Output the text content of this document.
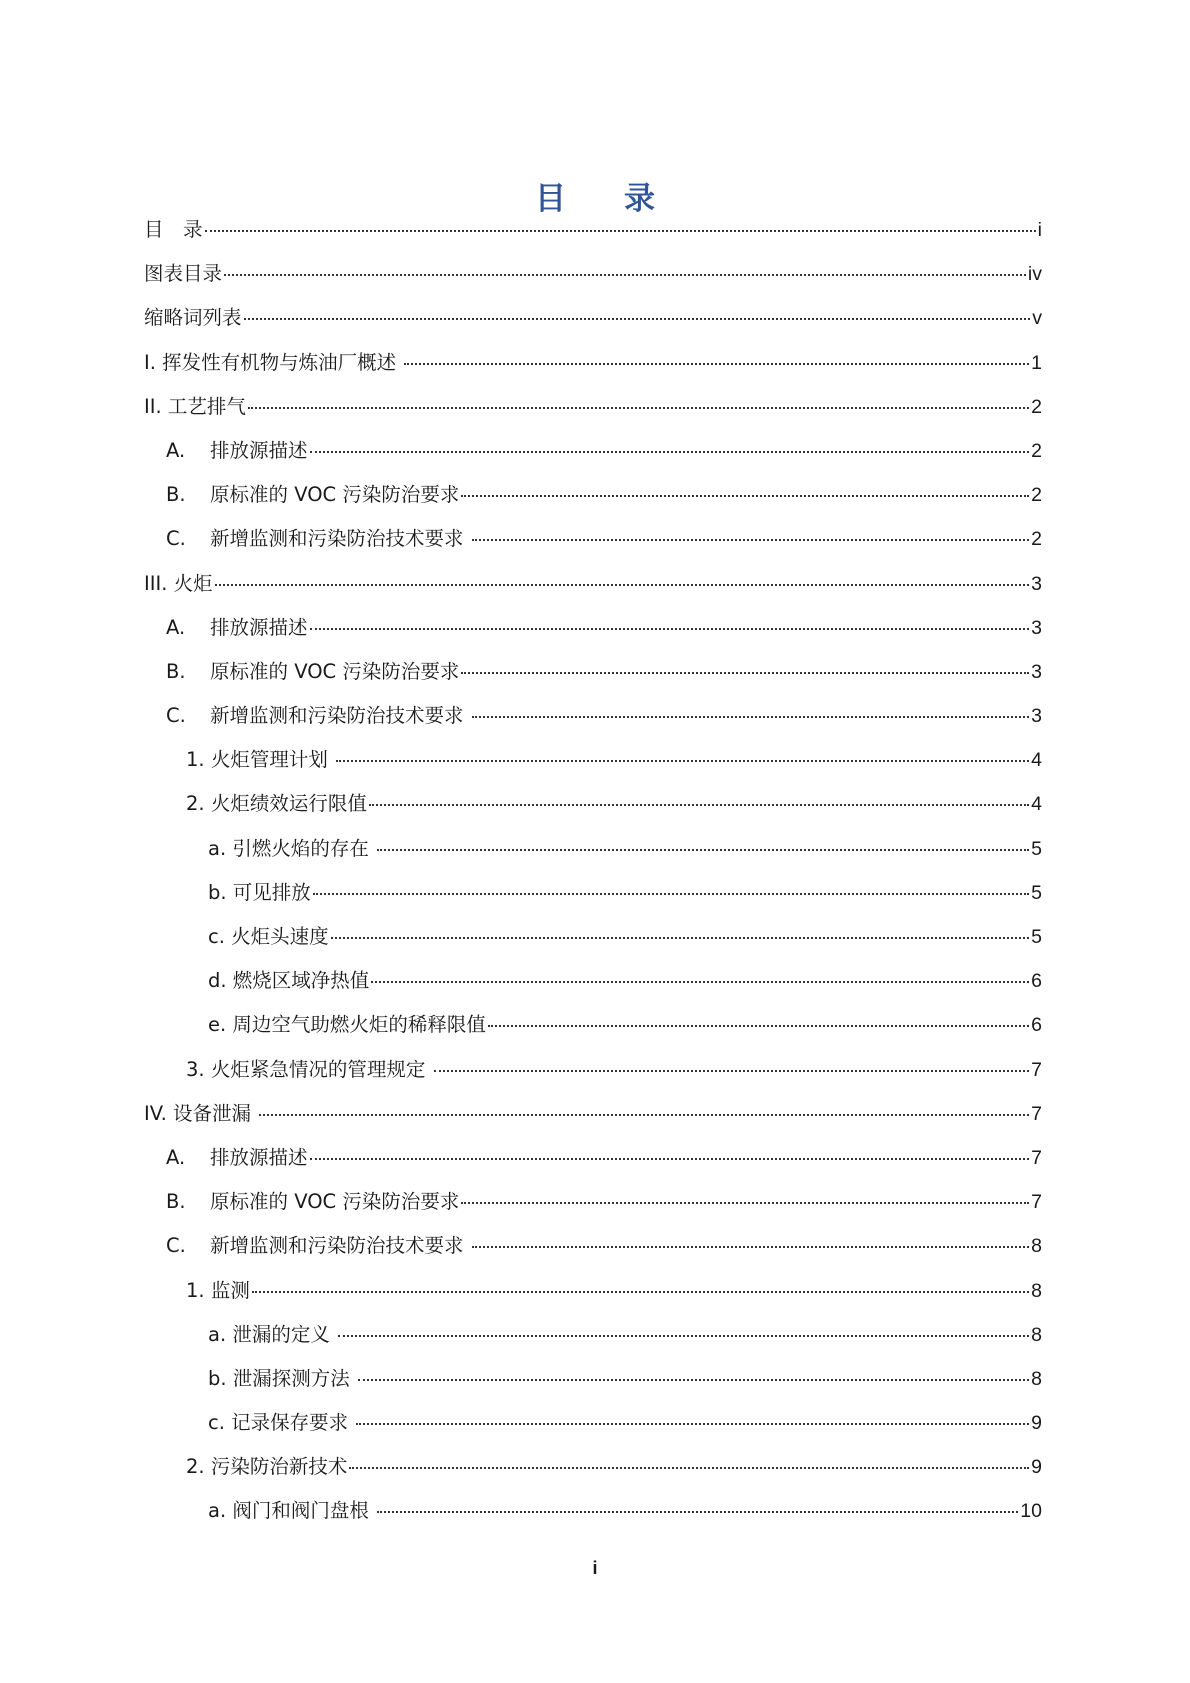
目 录
目　录	i
图表目录	iv
缩略词列表	v
I. 挥发性有机物与炼油厂概述	1
II. 工艺排气	2
A.	排放源描述	2
B.	原标准的 VOC 污染防治要求	2
C.	新增监测和污染防治技术要求	2
III. 火炬	3
A.	排放源描述	3
B.	原标准的 VOC 污染防治要求	3
C.	新增监测和污染防治技术要求	3
1. 火炬管理计划	4
2. 火炬绩效运行限值	4
a. 引燃火焰的存在	5
b. 可见排放	5
c. 火炬头速度	5
d. 燃烧区域净热值	6
e. 周边空气助燃火炬的稀释限值	6
3. 火炬紧急情况的管理规定	7
IV. 设备泄漏	7
A.	排放源描述	7
B.	原标准的 VOC 污染防治要求	7
C.	新增监测和污染防治技术要求	8
1. 监测	8
a. 泄漏的定义	8
b. 泄漏探测方法	8
c. 记录保存要求	9
2. 污染防治新技术	9
a. 阀门和阀门盘根	10
i
